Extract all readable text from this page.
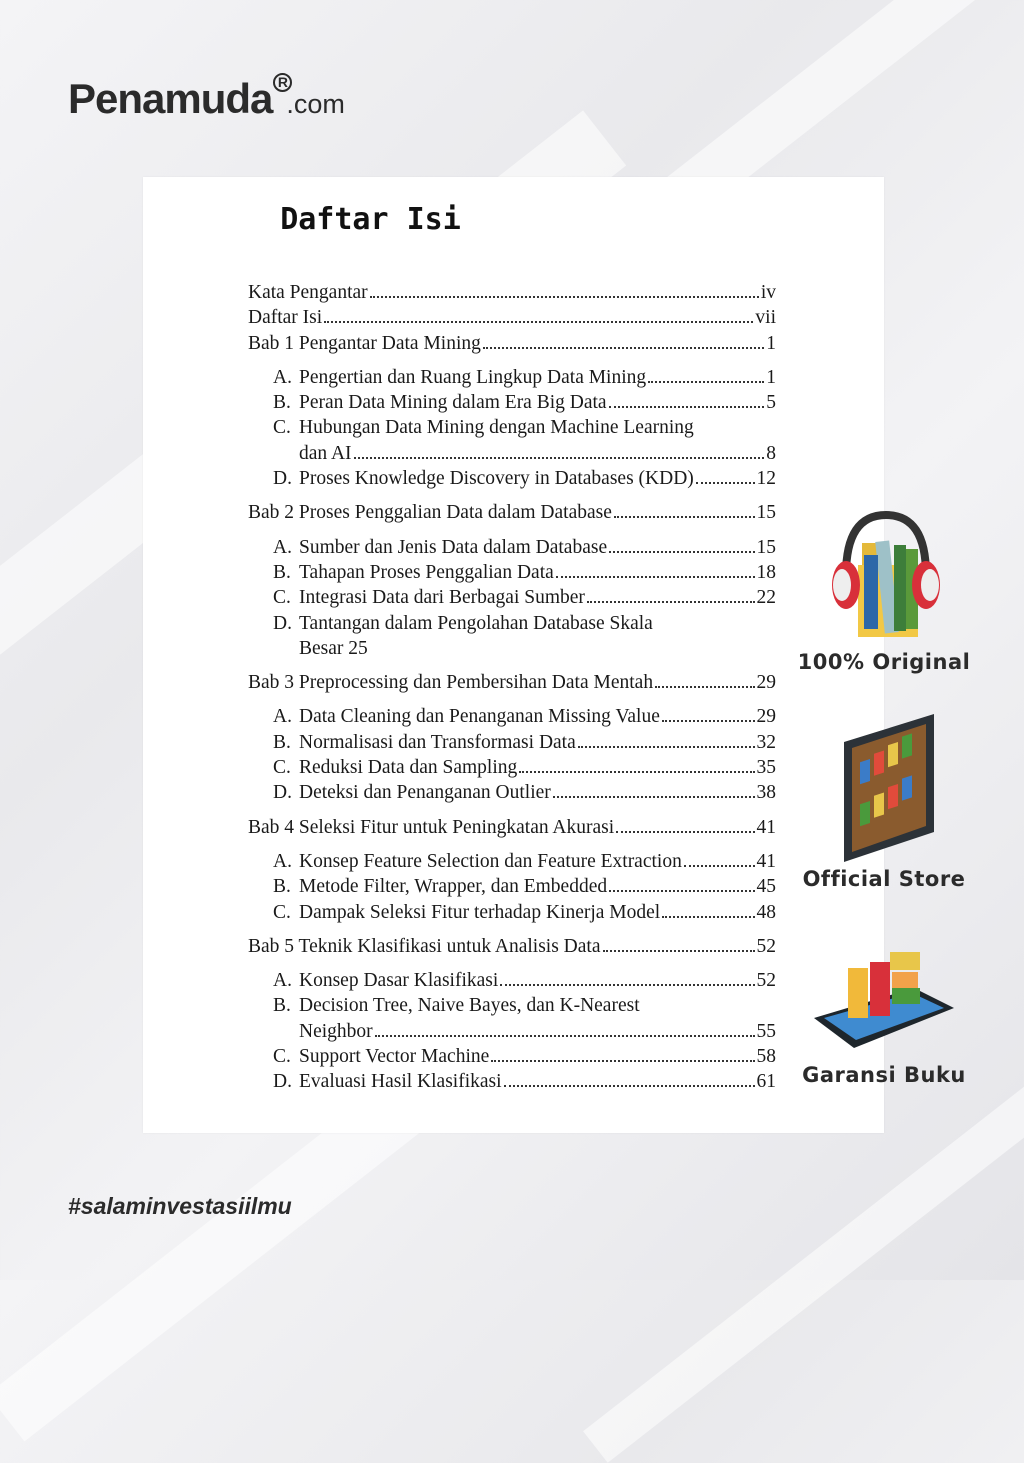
Penamuda R
.com
Daftar Isi
Kata Pengantar	iv
Daftar Isi	vii
Bab 1 Pengantar Data Mining	1
A. Pengertian dan Ruang Lingkup Data Mining	1
B. Peran Data Mining dalam Era Big Data	5
C. Hubungan Data Mining dengan Machine Learning
dan AI	8
D. Proses Knowledge Discovery in Databases (KDD)	12
Bab 2 Proses Penggalian Data dalam Database	15
A. Sumber dan Jenis Data dalam Database	15
B. Tahapan Proses Penggalian Data	18
C. Integrasi Data dari Berbagai Sumber	22
D. Tantangan dalam Pengolahan Database Skala
Besar 25
Bab 3 Preprocessing dan Pembersihan Data Mentah	29
A. Data Cleaning dan Penanganan Missing Value	29
B. Normalisasi dan Transformasi Data	32
C. Reduksi Data dan Sampling	35
D. Deteksi dan Penanganan Outlier	38
Bab 4 Seleksi Fitur untuk Peningkatan Akurasi	41
A. Konsep Feature Selection dan Feature Extraction	41
B. Metode Filter, Wrapper, dan Embedded	45
C. Dampak Seleksi Fitur terhadap Kinerja Model	48
Bab 5 Teknik Klasifikasi untuk Analisis Data	52
A. Konsep Dasar Klasifikasi	52
B. Decision Tree, Naive Bayes, dan K-Nearest
Neighbor	55
C. Support Vector Machine	58
D. Evaluasi Hasil Klasifikasi	61
100% Original
Official Store
Garansi Buku
#salaminvestasiilmu
